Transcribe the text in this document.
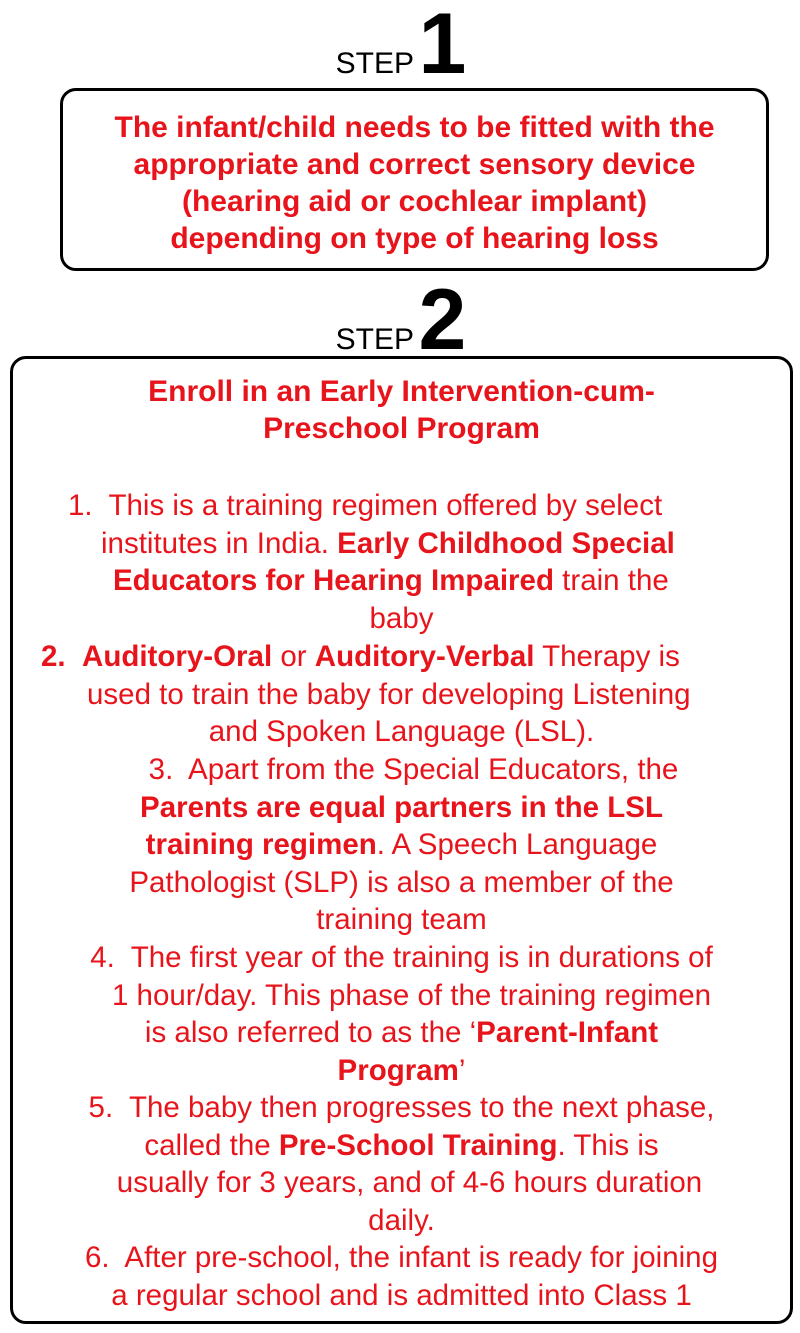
STEP 1
The infant/child needs to be fitted with the
appropriate and correct sensory device
(hearing aid or cochlear implant)
depending on type of hearing loss
STEP 2
Enroll in an Early Intervention-cum-
Preschool Program
1. This is a training regimen offered by select
institutes in India. Early Childhood Special
Educators for Hearing Impaired train the
baby
2. Auditory-Oral or Auditory-Verbal Therapy is
used to train the baby for developing Listening
and Spoken Language (LSL).
3. Apart from the Special Educators, the
Parents are equal partners in the LSL
training regimen. A Speech Language
Pathologist (SLP) is also a member of the
training team
4. The first year of the training is in durations of
1 hour/day. This phase of the training regimen
is also referred to as the ‘Parent-Infant
Program’
5. The baby then progresses to the next phase,
called the Pre-School Training. This is
usually for 3 years, and of 4-6 hours duration
daily.
6. After pre-school, the infant is ready for joining
a regular school and is admitted into Class 1
